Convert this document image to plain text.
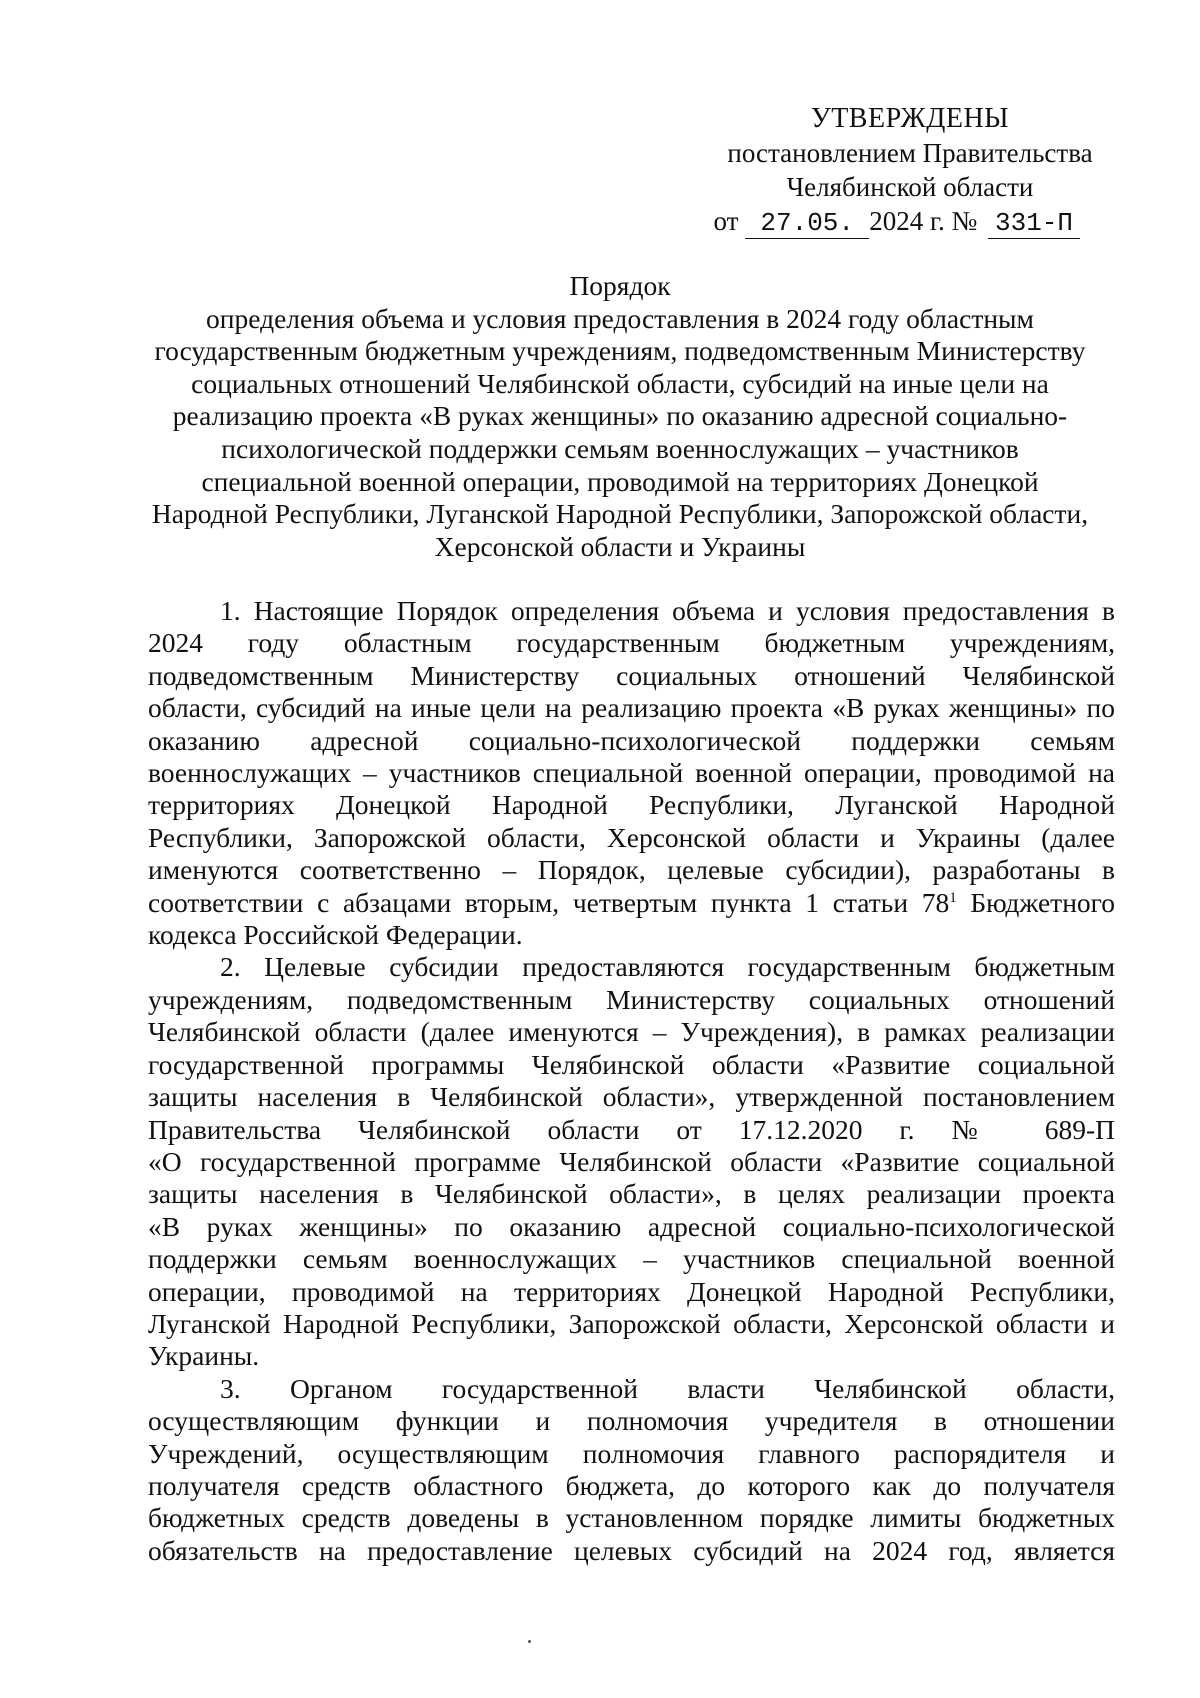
УТВЕРЖДЕНЫ
постановлением Правительства
Челябинской области
от 27.05. 2024 г. № 331-П
Порядок
определения объема и условия предоставления в 2024 году областным
государственным бюджетным учреждениям, подведомственным Министерству
социальных отношений Челябинской области, субсидий на иные цели на
реализацию проекта «В руках женщины» по оказанию адресной социально-
психологической поддержки семьям военнослужащих – участников
специальной военной операции, проводимой на территориях Донецкой
Народной Республики, Луганской Народной Республики, Запорожской области,
Херсонской области и Украины
1. Настоящие Порядок определения объема и условия предоставления в
2024 году областным государственным бюджетным учреждениям,
подведомственным Министерству социальных отношений Челябинской
области, субсидий на иные цели на реализацию проекта «В руках женщины» по
оказанию адресной социально-психологической поддержки семьям
военнослужащих – участников специальной военной операции, проводимой на
территориях Донецкой Народной Республики, Луганской Народной
Республики, Запорожской области, Херсонской области и Украины (далее
именуются соответственно – Порядок, целевые субсидии), разработаны в
соответствии с абзацами вторым, четвертым пункта 1 статьи $78^1$ Бюджетного
кодекса Российской Федерации.
2. Целевые субсидии предоставляются государственным бюджетным
учреждениям, подведомственным Министерству социальных отношений
Челябинской области (далее именуются – Учреждения), в рамках реализации
государственной программы Челябинской области «Развитие социальной
защиты населения в Челябинской области», утвержденной постановлением
Правительства Челябинской области от 17.12.2020 г. № 689-П
«О государственной программе Челябинской области «Развитие социальной
защиты населения в Челябинской области», в целях реализации проекта
«В руках женщины» по оказанию адресной социально-психологической
поддержки семьям военнослужащих – участников специальной военной
операции, проводимой на территориях Донецкой Народной Республики,
Луганской Народной Республики, Запорожской области, Херсонской области и
Украины.
3. Органом государственной власти Челябинской области,
осуществляющим функции и полномочия учредителя в отношении
Учреждений, осуществляющим полномочия главного распорядителя и
получателя средств областного бюджета, до которого как до получателя
бюджетных средств доведены в установленном порядке лимиты бюджетных
обязательств на предоставление целевых субсидий на 2024 год, является
